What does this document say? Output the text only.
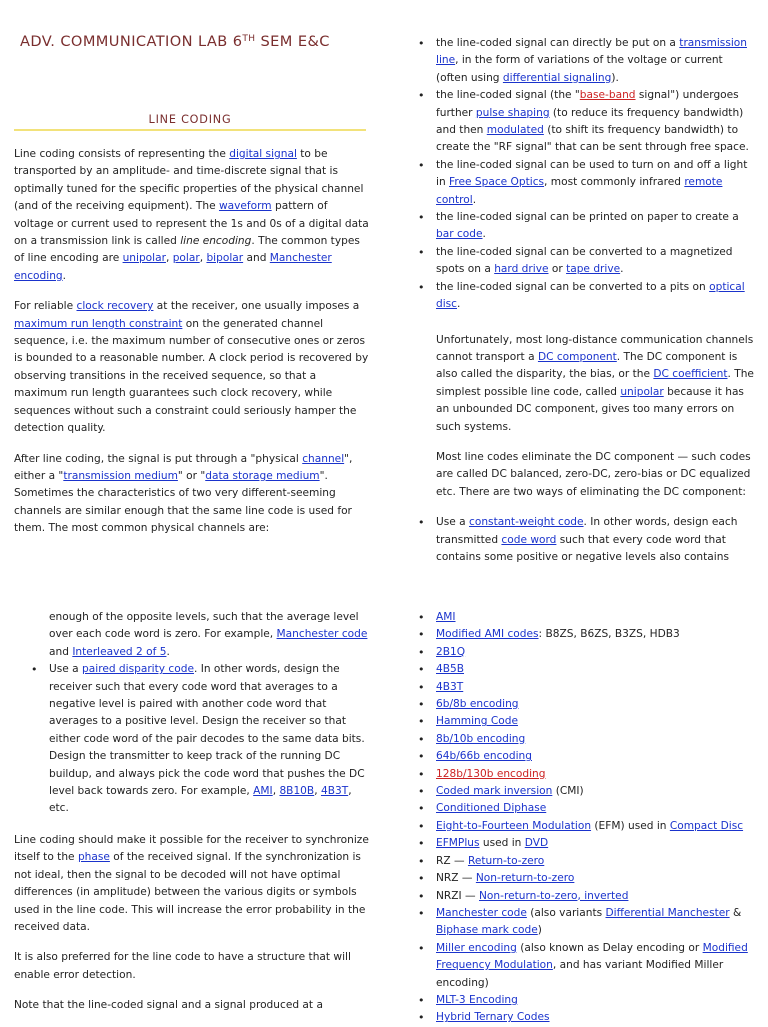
ADV. COMMUNICATION LAB 6TH SEM E&C
LINE CODING

Line coding consists of representing the digital signal to be transported by an amplitude- and time-discrete signal that is optimally tuned for the specific properties of the physical channel (and of the receiving equipment). The waveform pattern of voltage or current used to represent the 1s and 0s of a digital data on a transmission link is called line encoding. The common types of line encoding are unipolar, polar, bipolar and Manchester encoding.

For reliable clock recovery at the receiver, one usually imposes a maximum run length constraint on the generated channel sequence, i.e. the maximum number of consecutive ones or zeros is bounded to a reasonable number. A clock period is recovered by observing transitions in the received sequence, so that a maximum run length guarantees such clock recovery, while sequences without such a constraint could seriously hamper the detection quality.

After line coding, the signal is put through a "physical channel", either a "transmission medium" or "data storage medium". Sometimes the characteristics of two very different-seeming channels are similar enough that the same line code is used for them. The most common physical channels are:

• the line-coded signal can directly be put on a transmission line, in the form of variations of the voltage or current (often using differential signaling).
• the line-coded signal (the "base-band signal") undergoes further pulse shaping (to reduce its frequency bandwidth) and then modulated (to shift its frequency bandwidth) to create the "RF signal" that can be sent through free space.
• the line-coded signal can be used to turn on and off a light in Free Space Optics, most commonly infrared remote control.
• the line-coded signal can be printed on paper to create a bar code.
• the line-coded signal can be converted to a magnetized spots on a hard drive or tape drive.
• the line-coded signal can be converted to a pits on optical disc.

Unfortunately, most long-distance communication channels cannot transport a DC component. The DC component is also called the disparity, the bias, or the DC coefficient. The simplest possible line code, called unipolar because it has an unbounded DC component, gives too many errors on such systems.

Most line codes eliminate the DC component — such codes are called DC balanced, zero-DC, zero-bias or DC equalized etc. There are two ways of eliminating the DC component:

• Use a constant-weight code. In other words, design each transmitted code word such that every code word that contains some positive or negative levels also contains
enough of the opposite levels, such that the average level over each code word is zero. For example, Manchester code and Interleaved 2 of 5.
• Use a paired disparity code. In other words, design the receiver such that every code word that averages to a negative level is paired with another code word that averages to a positive level. Design the receiver so that either code word of the pair decodes to the same data bits. Design the transmitter to keep track of the running DC buildup, and always pick the code word that pushes the DC level back towards zero. For example, AMI, 8B10B, 4B3T, etc.

Line coding should make it possible for the receiver to synchronize itself to the phase of the received signal. If the synchronization is not ideal, then the signal to be decoded will not have optimal differences (in amplitude) between the various digits or symbols used in the line code. This will increase the error probability in the received data.

It is also preferred for the line code to have a structure that will enable error detection.

Note that the line-coded signal and a signal produced at a

• AMI
• Modified AMI codes: B8ZS, B6ZS, B3ZS, HDB3
• 2B1Q
• 4B5B
• 4B3T
• 6b/8b encoding
• Hamming Code
• 8b/10b encoding
• 64b/66b encoding
• 128b/130b encoding
• Coded mark inversion (CMI)
• Conditioned Diphase
• Eight-to-Fourteen Modulation (EFM) used in Compact Disc
• EFMPlus used in DVD
• RZ — Return-to-zero
• NRZ — Non-return-to-zero
• NRZI — Non-return-to-zero, inverted
• Manchester code (also variants Differential Manchester & Biphase mark code)
• Miller encoding (also known as Delay encoding or Modified Frequency Modulation, and has variant Modified Miller encoding)
• MLT-3 Encoding
• Hybrid Ternary Codes
